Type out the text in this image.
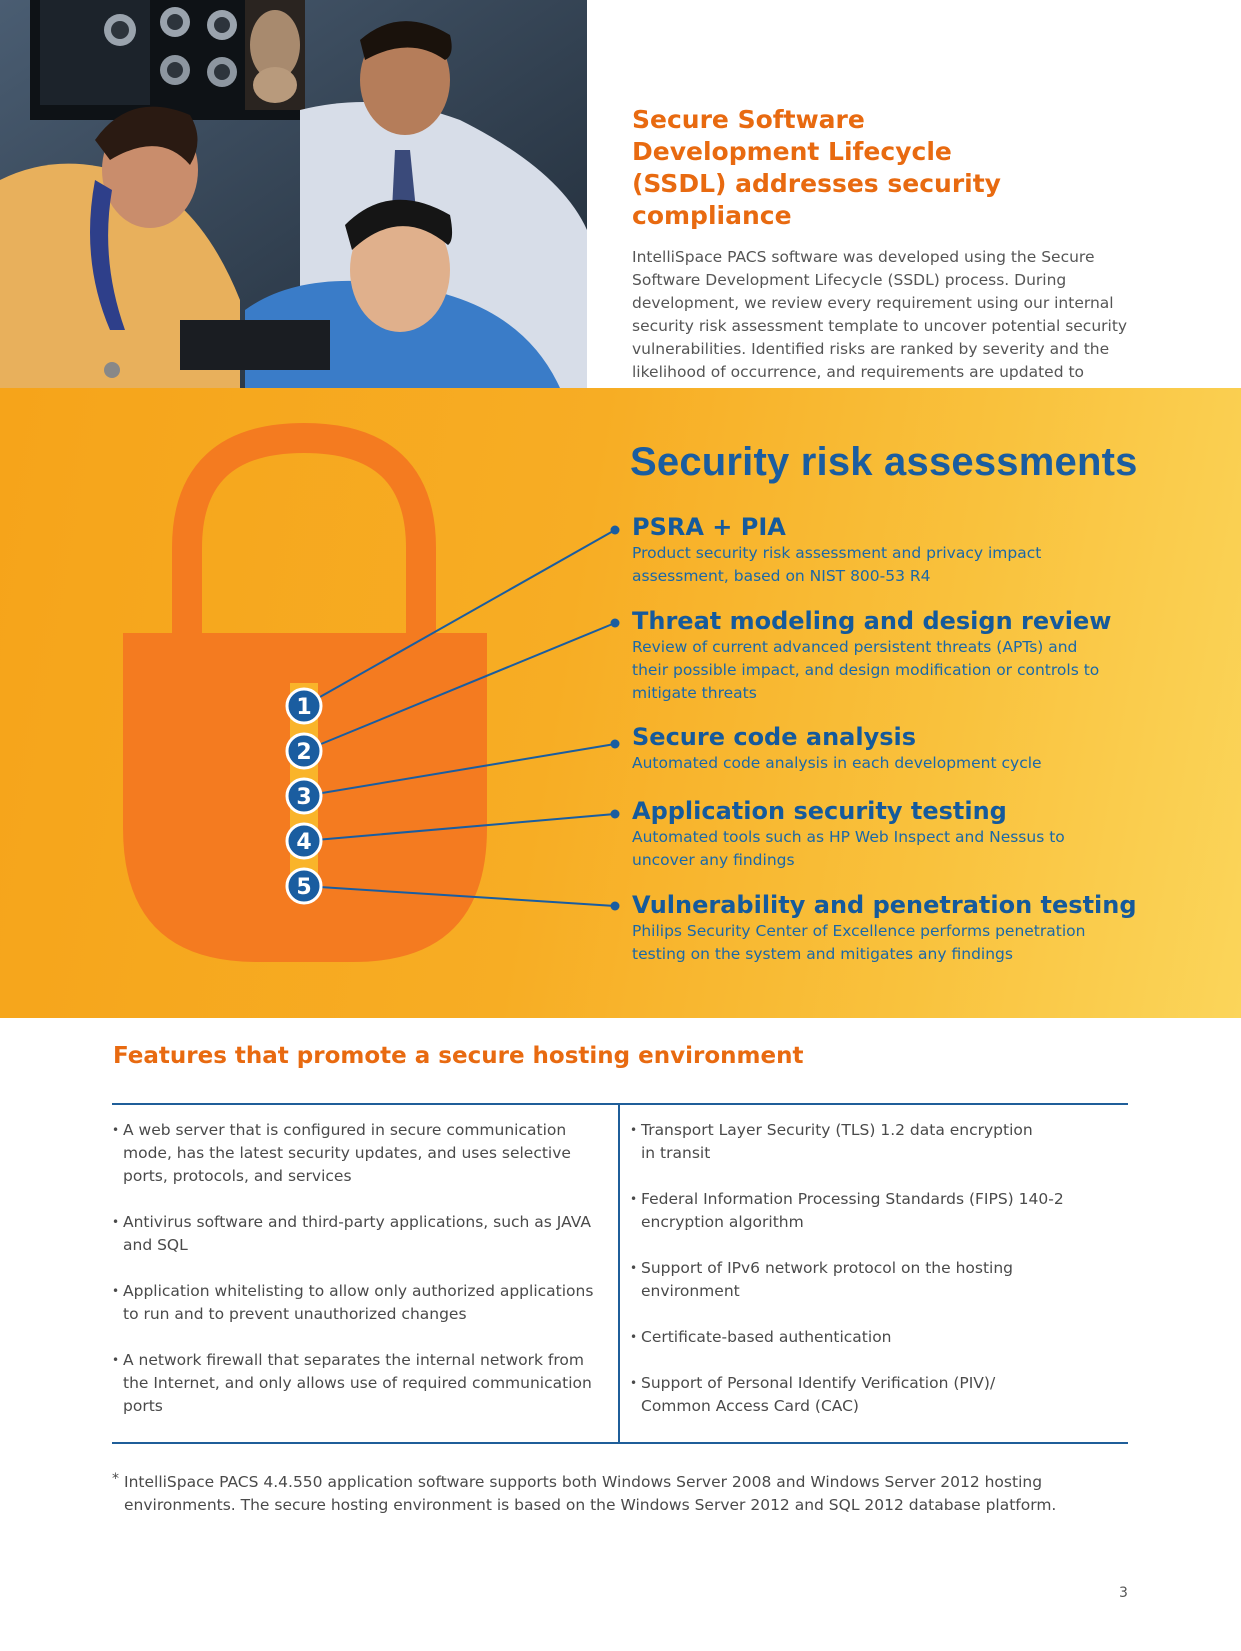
Secure Software Development Lifecycle (SSDL) addresses security compliance

IntelliSpace PACS software was developed using the Secure Software Development Lifecycle (SSDL) process. During development, we review every requirement using our internal security risk assessment template to uncover potential security vulnerabilities. Identified risks are ranked by severity and the likelihood of occurrence, and requirements are updated to

1
2
3
4
5
Security risk assessments
PSRA + PIA
Product security risk assessment and privacy impact assessment, based on NIST 800-53 R4
Threat modeling and design review
Review of current advanced persistent threats (APTs) and their possible impact, and design modification or controls to mitigate threats
Secure code analysis
Automated code analysis in each development cycle
Application security testing
Automated tools such as HP Web Inspect and Nessus to uncover any findings
Vulnerability and penetration testing
Philips Security Center of Excellence performs penetration testing on the system and mitigates any findings
Features that promote a secure hosting environment
• A web server that is configured in secure communication mode, has the latest security updates, and uses selective ports, protocols, and services
• Antivirus software and third-party applications, such as JAVA and SQL
• Application whitelisting to allow only authorized applications to run and to prevent unauthorized changes
• A network firewall that separates the internal network from the Internet, and only allows use of required communication ports
• Transport Layer Security (TLS) 1.2 data encryption in transit
• Federal Information Processing Standards (FIPS) 140-2 encryption algorithm
• Support of IPv6 network protocol on the hosting environment
• Certificate-based authentication
• Support of Personal Identify Verification (PIV)/ Common Access Card (CAC)

* IntelliSpace PACS 4.4.550 application software supports both Windows Server 2008 and Windows Server 2012 hosting environments. The secure hosting environment is based on the Windows Server 2012 and SQL 2012 database platform.

3
